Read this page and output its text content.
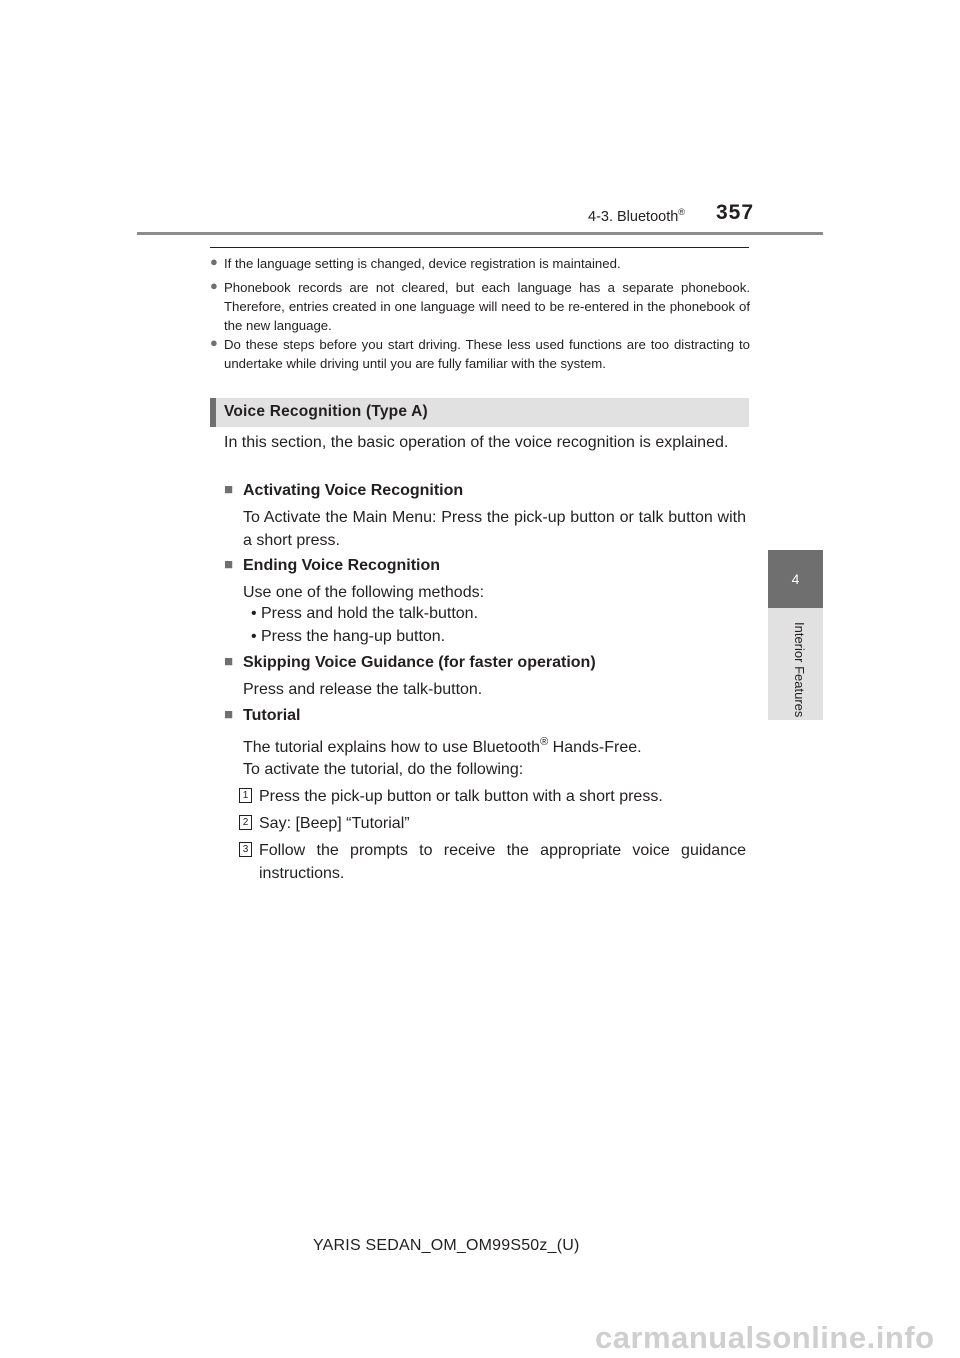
4-3. Bluetooth® 357
4
Interior Features
● If the language setting is changed, device registration is maintained.
● Phonebook records are not cleared, but each language has a separate phonebook. Therefore, entries created in one language will need to be re-entered in the phonebook of the new language.
● Do these steps before you start driving. These less used functions are too distracting to undertake while driving until you are fully familiar with the system.
Voice Recognition (Type A)
In this section, the basic operation of the voice recognition is explained.
■ Activating Voice Recognition
To Activate the Main Menu: Press the pick-up button or talk button with a short press.
■ Ending Voice Recognition
Use one of the following methods:
• Press and hold the talk-button.
• Press the hang-up button.
■ Skipping Voice Guidance (for faster operation)
Press and release the talk-button.
■ Tutorial
The tutorial explains how to use Bluetooth® Hands-Free.
To activate the tutorial, do the following:
1 Press the pick-up button or talk button with a short press.
2 Say: [Beep] “Tutorial”
3 Follow the prompts to receive the appropriate voice guidance instructions.
YARIS SEDAN_OM_OM99S50z_(U)
carmanualsonline.info
